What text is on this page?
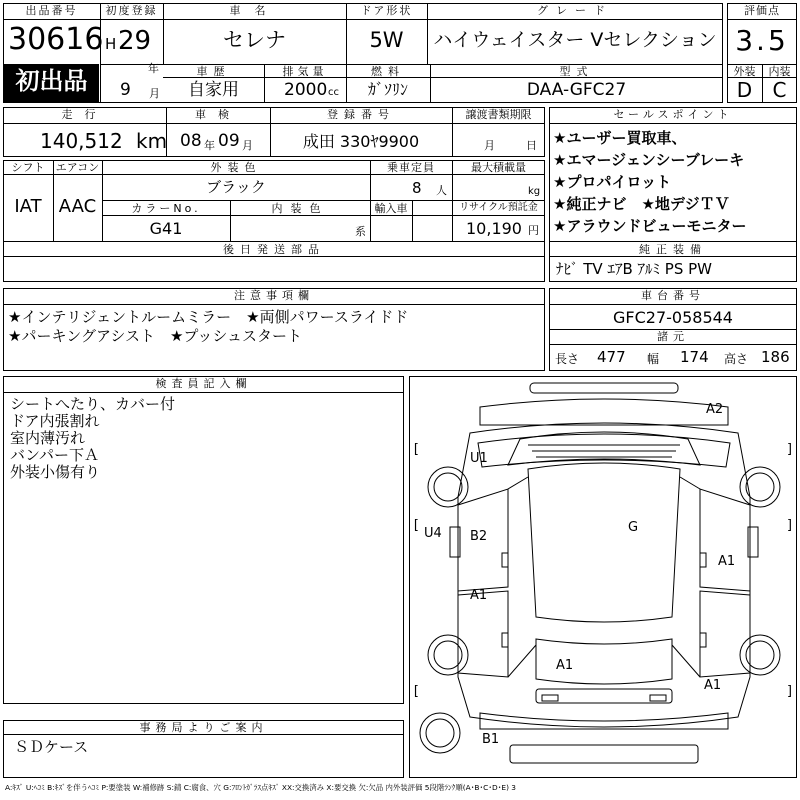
出品番号
30616
初出品
初度登録
H 29
年
9 月
車名
セレナ
ドア形状
5W
グレード
ハイウェイスター Vセレクション
車歴
自家用
排気量
2000 cc
燃料
ｶﾞｿﾘﾝ
型式
DAA-GFC27
評価点
3.5
外装	内装
D	C
走行
140,512 km
車検
08 年 09 月
登録番号
成田 330ﾔ9900
譲渡書類期限
月	日
シフト
IAT
エアコン
AAC
外装色
ブラック
乗車定員
8 人
最大積載量
kg
カラーNo.
G41
内装色
系
輸入車	リサイクル預託金
10,190 円
後日発送部品
セールスポイント
★ユーザー買取車、
★エマージェンシーブレーキ
★プロパイロット
★純正ナビ　★地デジＴＶ
★アラウンドビューモニター
純正装備
ﾅﾋﾞ TV ｴｱB ｱﾙﾐ PS PW
注意事項欄
★インテリジェントルームミラー　★両側パワースライドド
★パーキングアシスト　★プッシュスタート
車台番号
GFC27-058544
諸元
長さ 477 幅 174 高さ 186
検査員記入欄
シートへたり、カバー付
ドア内張割れ
室内薄汚れ
バンパー下Ａ
外装小傷有り
事務局よりご案内
ＳＤケース
[	]
[	]
[	]
A2
U1
U4 B2
G
A1
A1
A1
A1
B1
A:ｷｽﾞ U:ﾍｺﾐ B:ｷｽﾞを伴うﾍｺﾐ P:要塗装 W:補修跡 S:錆 C:腐食、穴 G:ﾌﾛﾝﾄｶﾞﾗｽ点ｷｽﾞ XX:交換済み X:要交換 欠:欠品 内外装評価 5段階ﾗﾝｸ順(A･B･C･D･E) 3
